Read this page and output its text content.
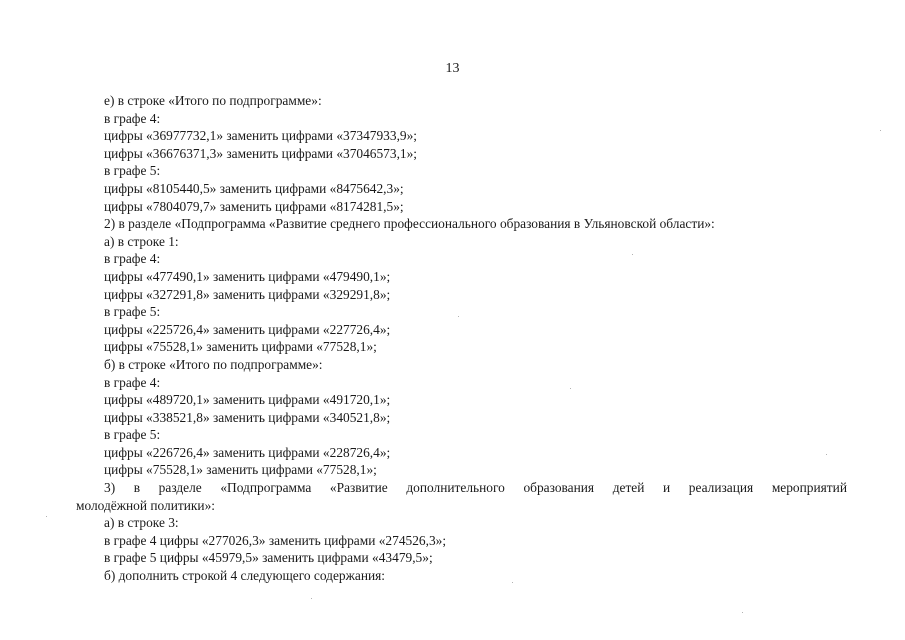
13
е) в строке «Итого по подпрограмме»:
в графе 4:
цифры «36977732,1» заменить цифрами «37347933,9»;
цифры «36676371,3» заменить цифрами «37046573,1»;
в графе 5:
цифры «8105440,5» заменить цифрами «8475642,3»;
цифры «7804079,7» заменить цифрами «8174281,5»;
2) в разделе «Подпрограмма «Развитие среднего профессионального образования в Ульяновской области»:
а) в строке 1:
в графе 4:
цифры «477490,1» заменить цифрами «479490,1»;
цифры «327291,8» заменить цифрами «329291,8»;
в графе 5:
цифры «225726,4» заменить цифрами «227726,4»;
цифры «75528,1» заменить цифрами «77528,1»;
б) в строке «Итого по подпрограмме»:
в графе 4:
цифры «489720,1» заменить цифрами «491720,1»;
цифры «338521,8» заменить цифрами «340521,8»;
в графе 5:
цифры «226726,4» заменить цифрами «228726,4»;
цифры «75528,1» заменить цифрами «77528,1»;
3) в разделе «Подпрограмма «Развитие дополнительного образования детей и реализация мероприятий
молодёжной политики»:
а) в строке 3:
в графе 4 цифры «277026,3» заменить цифрами «274526,3»;
в графе 5 цифры «45979,5» заменить цифрами «43479,5»;
б) дополнить строкой 4 следующего содержания:
